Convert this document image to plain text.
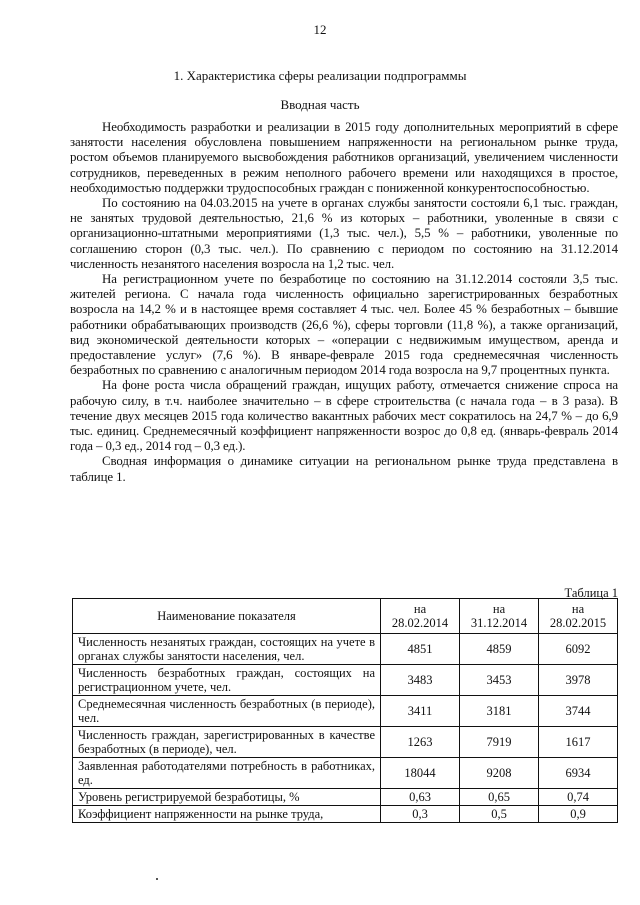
12
1. Характеристика сферы реализации подпрограммы
Вводная часть

Необходимость разработки и реализации в 2015 году дополнительных мероприятий в сфере занятости населения обусловлена повышением напряженности на региональном рынке труда, ростом объемов планируемого высвобождения работников организаций, увеличением численности сотрудников, переведенных в режим неполного рабочего времени или находящихся в простое, необходимостью поддержки трудоспособных граждан с пониженной конкурентоспособностью.

По состоянию на 04.03.2015 на учете в органах службы занятости состояли 6,1 тыс. граждан, не занятых трудовой деятельностью, 21,6 % из которых – работники, уволенные в связи с организационно-штатными мероприятиями (1,3 тыс. чел.), 5,5 % – работники, уволенные по соглашению сторон (0,3 тыс. чел.). По сравнению с периодом по состоянию на 31.12.2014 численность незанятого населения возросла на 1,2 тыс. чел.

На регистрационном учете по безработице по состоянию на 31.12.2014 состояли 3,5 тыс. жителей региона. С начала года численность официально зарегистрированных безработных возросла на 14,2 % и в настоящее время составляет 4 тыс. чел. Более 45 % безработных – бывшие работники обрабатывающих производств (26,6 %), сферы торговли (11,8 %), а также организаций, вид экономической деятельности которых – «операции с недвижимым имуществом, аренда и предоставление услуг» (7,6 %). В январе-феврале 2015 года среднемесячная численность безработных по сравнению с аналогичным периодом 2014 года возросла на 9,7 процентных пункта.

На фоне роста числа обращений граждан, ищущих работу, отмечается снижение спроса на рабочую силу, в т.ч. наиболее значительно – в сфере строительства (с начала года – в 3 раза). В течение двух месяцев 2015 года количество вакантных рабочих мест сократилось на 24,7 % – до 6,9 тыс. единиц. Среднемесячный коэффициент напряженности возрос до 0,8 ед. (январь-февраль 2014 года – 0,3 ед., 2014 год – 0,3 ед.).

Сводная информация о динамике ситуации на региональном рынке труда представлена в таблице 1.

Таблица 1
Наименование показателя	на 28.02.2014	на 31.12.2014	на 28.02.2015
Численность незанятых граждан, состоящих на учете в органах службы занятости населения, чел.	4851	4859	6092
Численность безработных граждан, состоящих на регистрационном учете, чел.	3483	3453	3978
Среднемесячная численность безработных (в периоде), чел.	3411	3181	3744
Численность граждан, зарегистрированных в качестве безработных (в периоде), чел.	1263	7919	1617
Заявленная работодателями потребность в работниках, ед.	18044	9208	6934
Уровень регистрируемой безработицы, %	0,63	0,65	0,74
Коэффициент напряженности на рынке труда,	0,3	0,5	0,9
